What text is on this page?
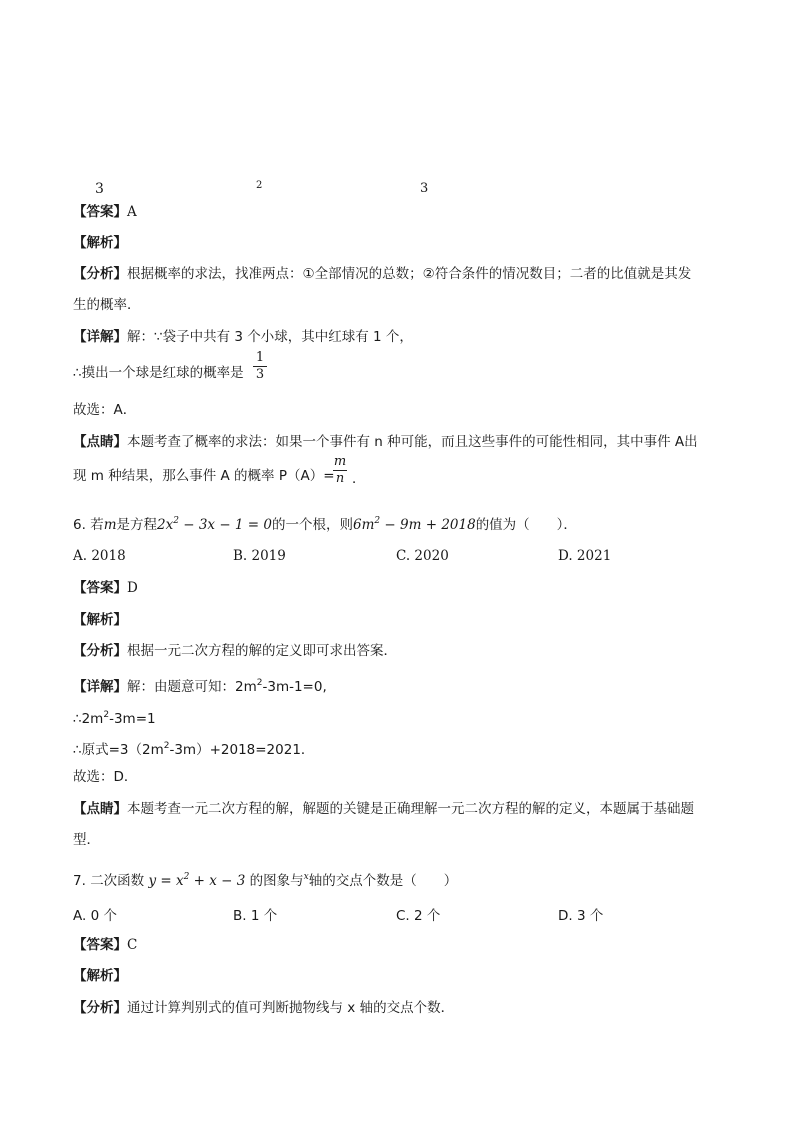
3	2	3
【答案】A
【解析】
【分析】根据概率的求法，找准两点：①全部情况的总数；②符合条件的情况数目；二者的比值就是其发
生的概率．
【详解】解：∵袋子中共有 3 个小球，其中红球有 1 个，
∴摸出一个球是红球的概率是
1
3
故选：A．
【点睛】本题考查了概率的求法：如果一个事件有 n 种可能，而且这些事件的可能性相同，其中事件 A出
现 m 种结果，那么事件 A 的概率 P（A）=
m
n ．
6. 若m是方程$2x^2 - 3x - 1 = 0$的一个根，则$6m^2 - 9m + 2018$的值为（　　）．
A. 2018	B. 2019	C. 2020	D. 2021
【答案】D
【解析】
【分析】根据一元二次方程的解的定义即可求出答案．
【详解】解：由题意可知：$2m^2-3m-1=0$,
$\therefore 2m^2-3m=1$
∴原式$=3(2m^2-3m)+2018=2021$．
故选：D．
【点睛】本题考查一元二次方程的解，解题的关键是正确理解一元二次方程的解的定义，本题属于基础题
型．
7. 二次函数 $y = x^2 + x - 3$ 的图象与$^x$轴的交点个数是（　　）
A. 0 个	B. 1 个	C. 2 个	D. 3 个
【答案】C
【解析】
【分析】通过计算判别式的值可判断抛物线与 x 轴的交点个数．
